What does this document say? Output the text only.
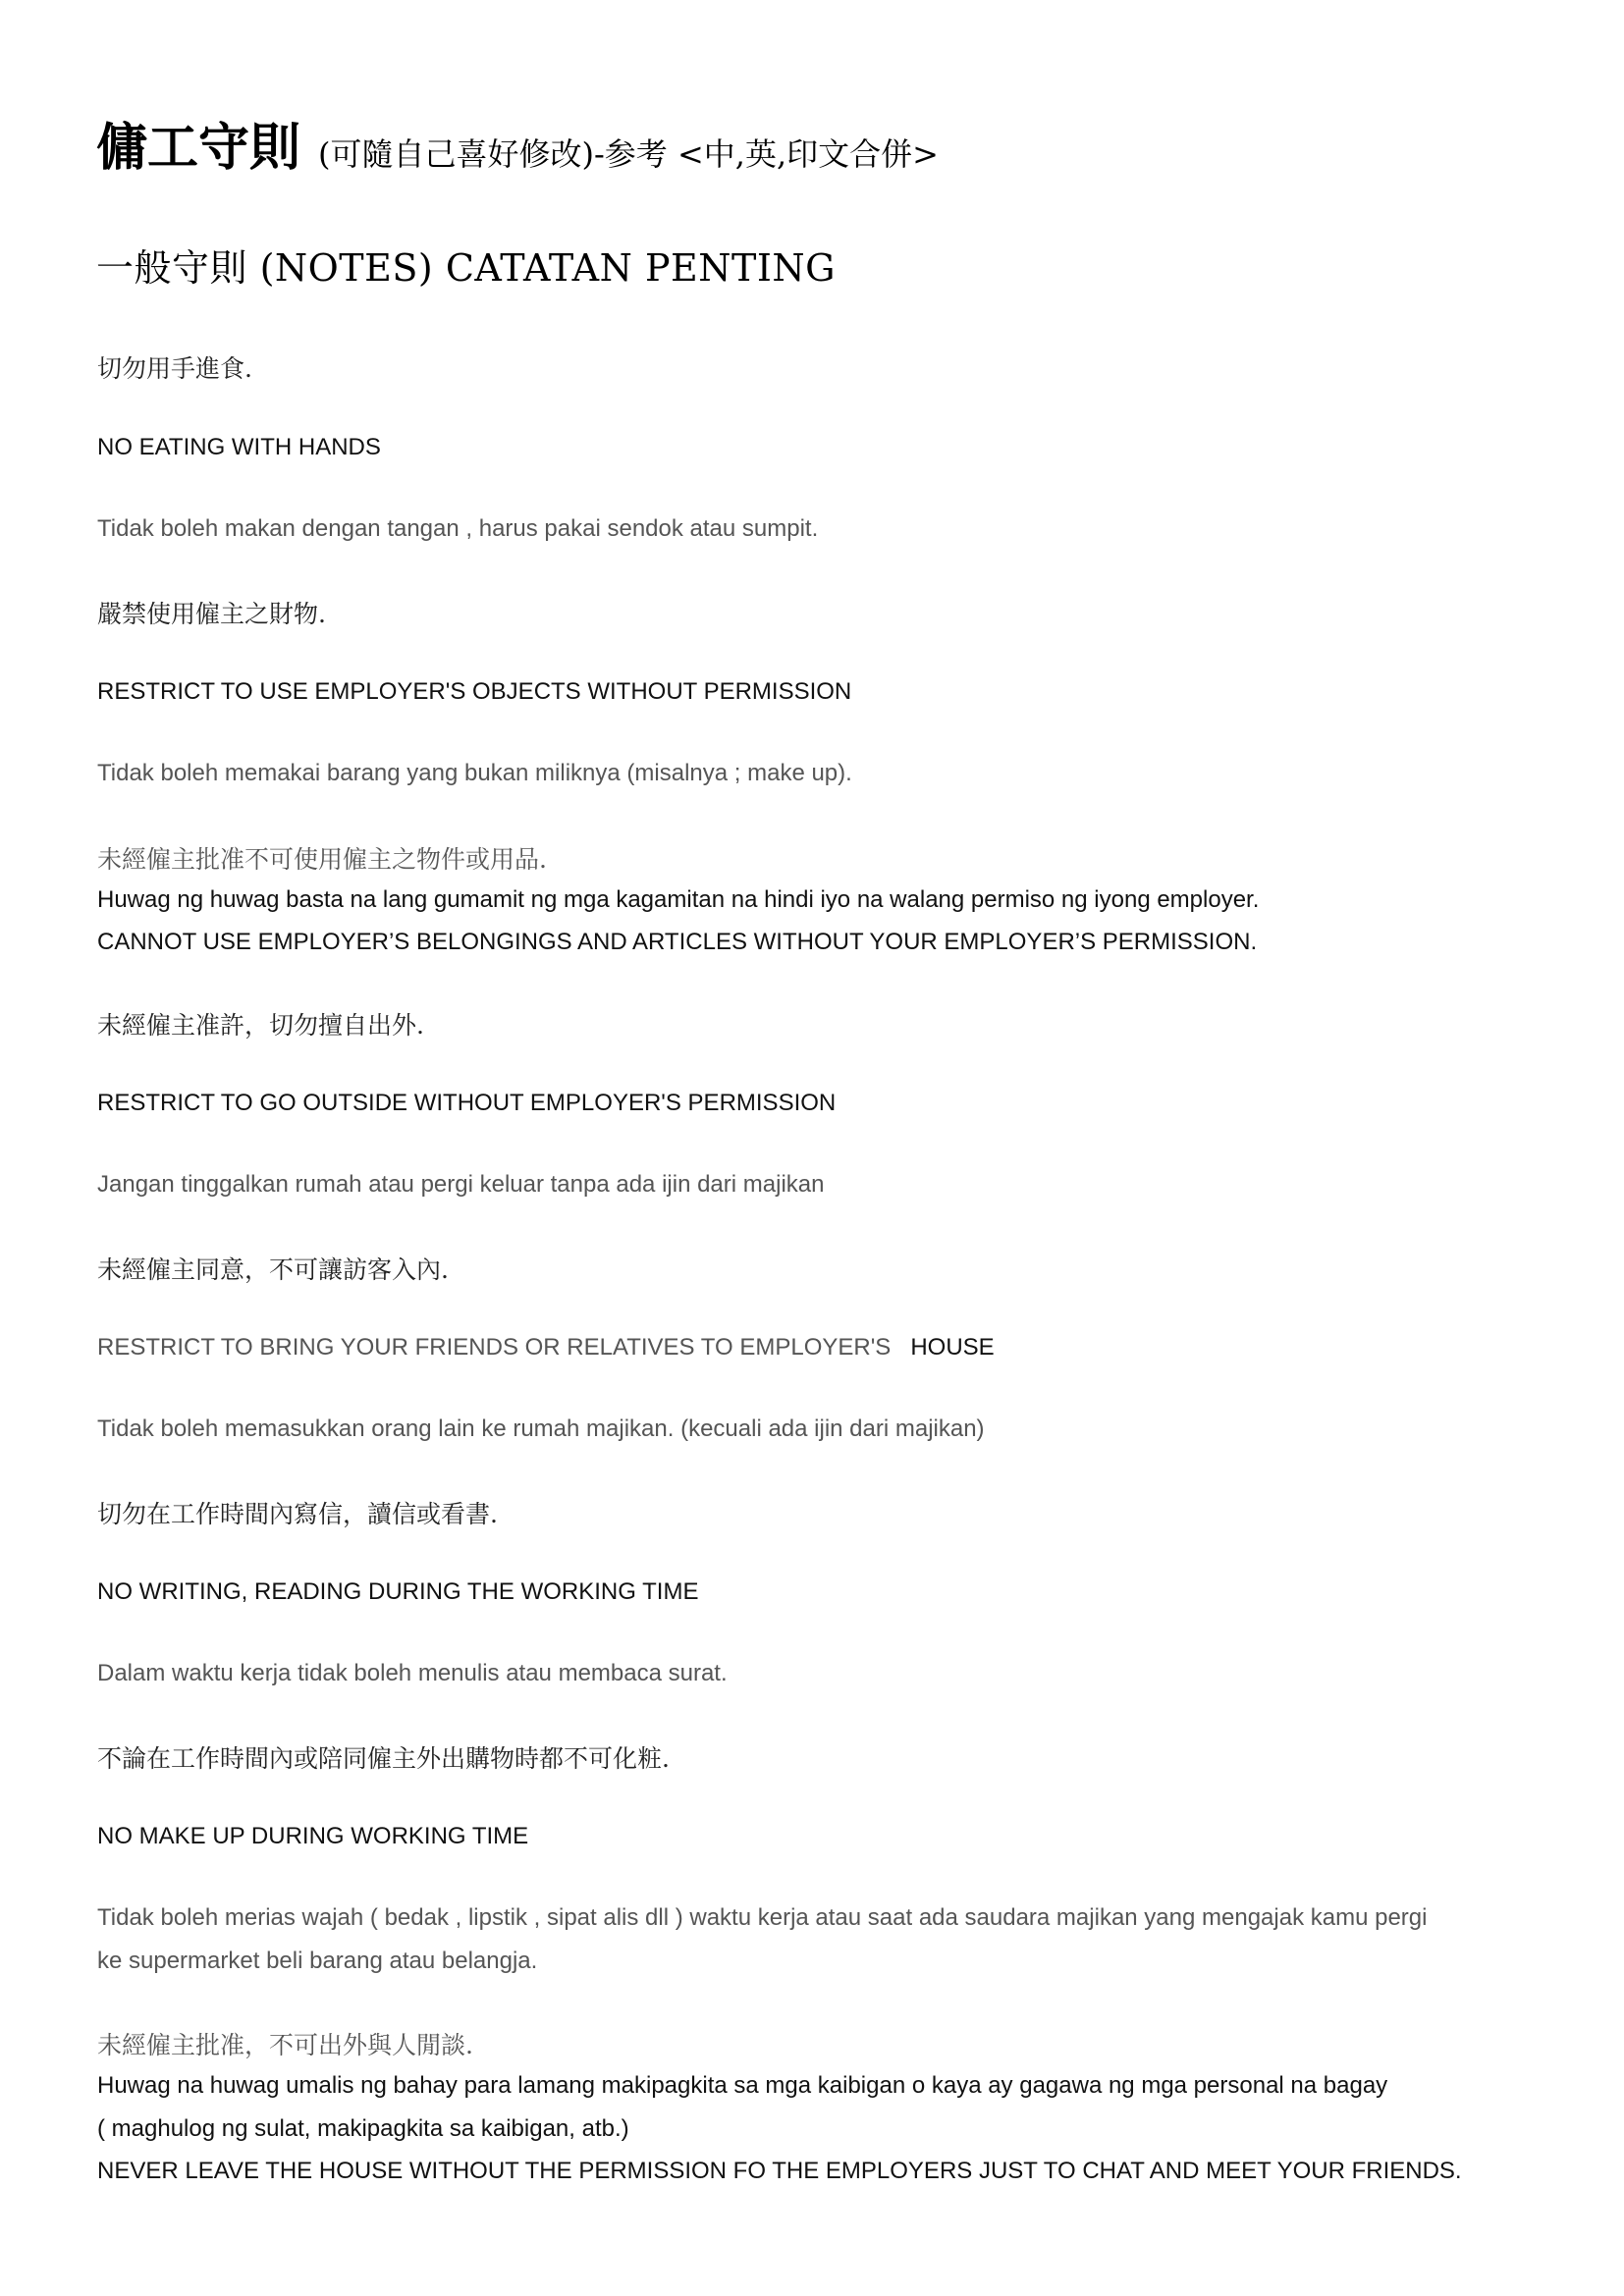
傭工守則 (可隨自己喜好修改)-参考 <中,英,印文合併>
一般守則 (NOTES) CATATAN PENTING
切勿用手進食.
NO EATING WITH HANDS
Tidak boleh makan dengan tangan , harus pakai sendok atau sumpit.
嚴禁使用僱主之財物.
RESTRICT TO USE EMPLOYER'S OBJECTS WITHOUT PERMISSION
Tidak boleh memakai barang yang bukan miliknya (misalnya ; make up).
未經僱主批准不可使用僱主之物件或用品.
Huwag ng huwag basta na lang gumamit ng mga kagamitan na hindi iyo na walang permiso ng iyong employer.
CANNOT USE EMPLOYER’S BELONGINGS AND ARTICLES WITHOUT YOUR EMPLOYER’S PERMISSION.
未經僱主准許，切勿擅自出外.
RESTRICT TO GO OUTSIDE WITHOUT EMPLOYER'S PERMISSION
Jangan tinggalkan rumah atau pergi keluar tanpa ada ijin dari majikan
未經僱主同意，不可讓訪客入內.
RESTRICT TO BRING YOUR FRIENDS OR RELATIVES TO EMPLOYER'S HOUSE
Tidak boleh memasukkan orang lain ke rumah majikan. (kecuali ada ijin dari majikan)
切勿在工作時間內寫信，讀信或看書.
NO WRITING, READING DURING THE WORKING TIME
Dalam waktu kerja tidak boleh menulis atau membaca surat.
不論在工作時間內或陪同僱主外出購物時都不可化粧.
NO MAKE UP DURING WORKING TIME
Tidak boleh merias wajah ( bedak , lipstik , sipat alis dll ) waktu kerja atau saat ada saudara majikan yang mengajak kamu pergi
ke supermarket beli barang atau belangja.
未經僱主批准，不可出外與人閒談.
Huwag na huwag umalis ng bahay para lamang makipagkita sa mga kaibigan o kaya ay gagawa ng mga personal na bagay
( maghulog ng sulat, makipagkita sa kaibigan, atb.)
NEVER LEAVE THE HOUSE WITHOUT THE PERMISSION FO THE EMPLOYERS JUST TO CHAT AND MEET YOUR FRIENDS.
